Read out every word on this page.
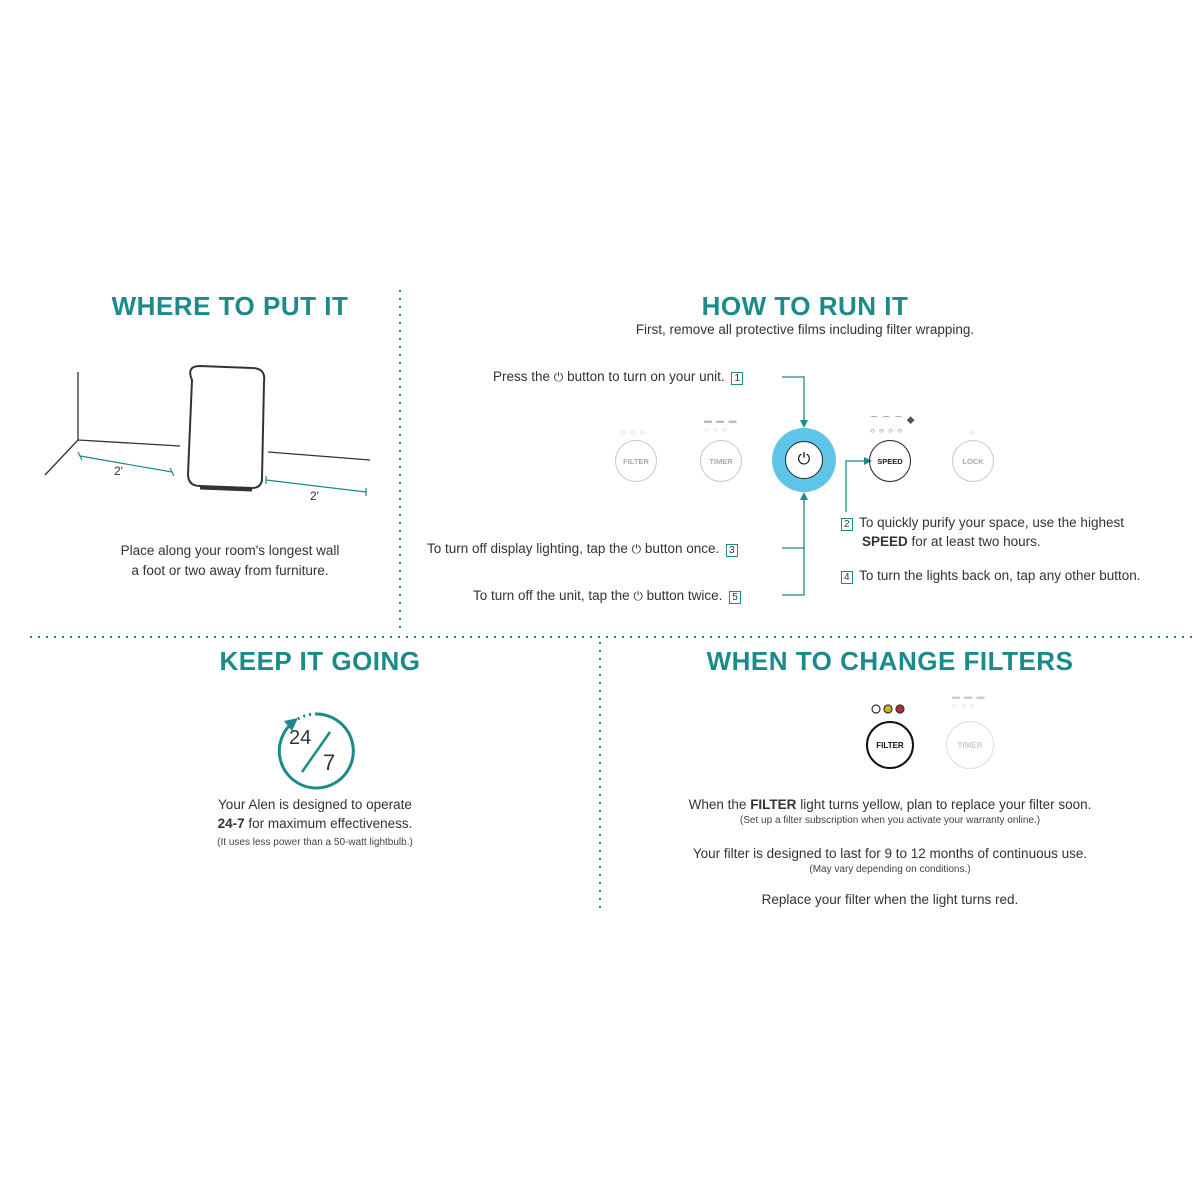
WHERE TO PUT IT
2'
2'
Place along your room's longest wall
a foot or two away from furniture.
HOW TO RUN IT
First, remove all protective films including filter wrapping.
Press the ⏻ button to turn on your unit. 1
To turn off display lighting, tap the ⏻ button once. 3
To turn off the unit, tap the ⏻ button twice. 5
○ ○ ○
FILTER
▬ ▬ ▬
○ ○ ○
TIMER	⏻
⌒ ⌒ ⌒ ◆
○ ○ ○ ○
SPEED
○
LOCK
2 To quickly purify your space, use the highest
SPEED for at least two hours.
4 To turn the lights back on, tap any other button.
KEEP IT GOING
24
7
Your Alen is designed to operate
24-7 for maximum effectiveness.
(It uses less power than a 50-watt lightbulb.)
WHEN TO CHANGE FILTERS
FILTER
▬ ▬ ▬
○ ○ ○
TIMER
When the FILTER light turns yellow, plan to replace your filter soon.
(Set up a filter subscription when you activate your warranty online.)
Your filter is designed to last for 9 to 12 months of continuous use.
(May vary depending on conditions.)
Replace your filter when the light turns red.
